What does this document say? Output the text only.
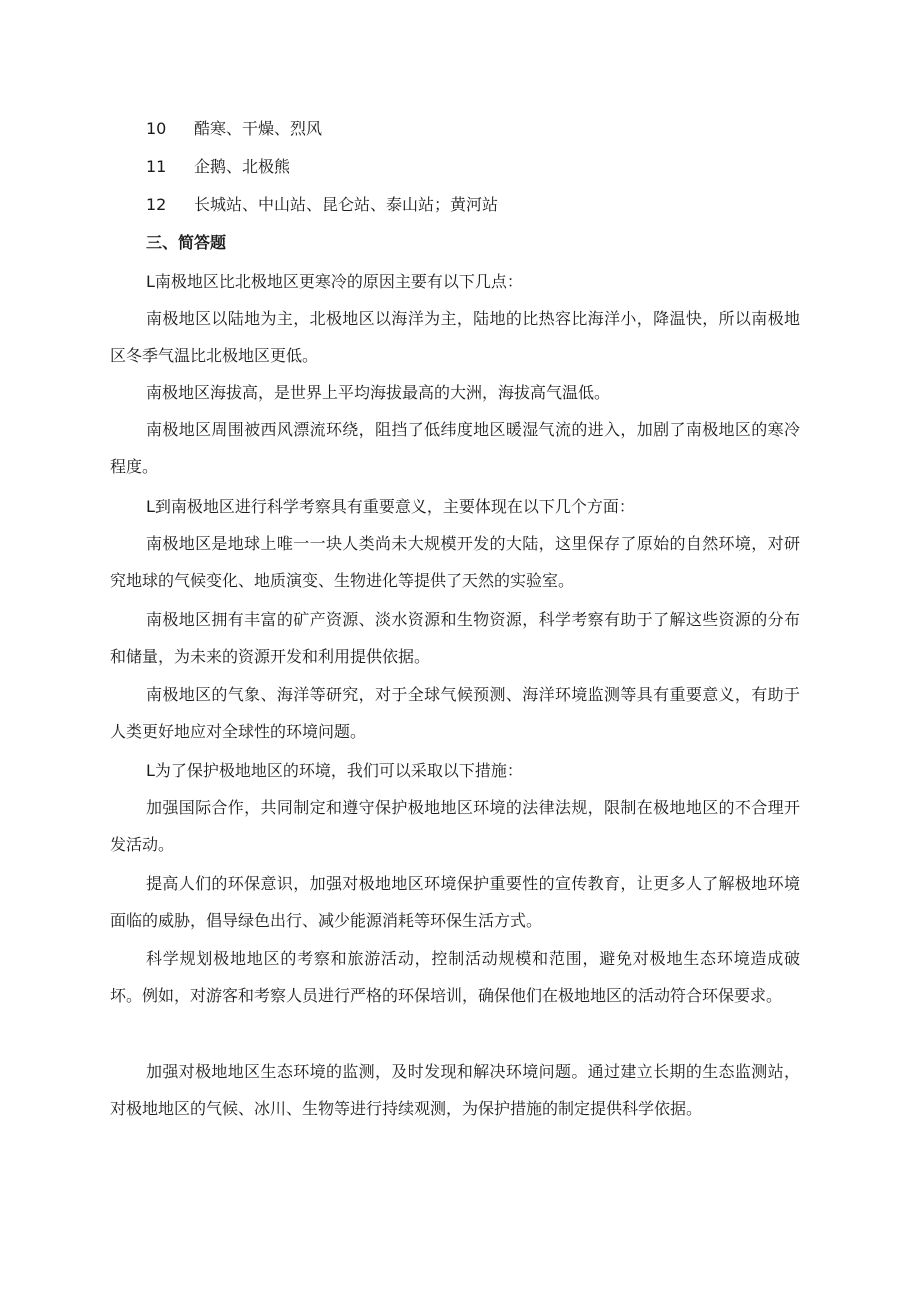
10 酷寒、干燥、烈风
11 企鹅、北极熊
12 长城站、中山站、昆仑站、泰山站；黄河站
三、简答题

L南极地区比北极地区更寒冷的原因主要有以下几点：

南极地区以陆地为主，北极地区以海洋为主，陆地的比热容比海洋小，降温快，所以南极地区冬季气温比北极地区更低。

南极地区海拔高，是世界上平均海拔最高的大洲，海拔高气温低。

南极地区周围被西风漂流环绕，阻挡了低纬度地区暖湿气流的进入，加剧了南极地区的寒冷程度。

L到南极地区进行科学考察具有重要意义，主要体现在以下几个方面：

南极地区是地球上唯一一块人类尚未大规模开发的大陆，这里保存了原始的自然环境，对研究地球的气候变化、地质演变、生物进化等提供了天然的实验室。

南极地区拥有丰富的矿产资源、淡水资源和生物资源，科学考察有助于了解这些资源的分布和储量，为未来的资源开发和利用提供依据。

南极地区的气象、海洋等研究，对于全球气候预测、海洋环境监测等具有重要意义，有助于人类更好地应对全球性的环境问题。

L为了保护极地地区的环境，我们可以采取以下措施：

加强国际合作，共同制定和遵守保护极地地区环境的法律法规，限制在极地地区的不合理开发活动。

提高人们的环保意识，加强对极地地区环境保护重要性的宣传教育，让更多人了解极地环境面临的威胁，倡导绿色出行、减少能源消耗等环保生活方式。

科学规划极地地区的考察和旅游活动，控制活动规模和范围，避免对极地生态环境造成破坏。例如，对游客和考察人员进行严格的环保培训，确保他们在极地地区的活动符合环保要求。

加强对极地地区生态环境的监测，及时发现和解决环境问题。通过建立长期的生态监测站，对极地地区的气候、冰川、生物等进行持续观测，为保护措施的制定提供科学依据。
